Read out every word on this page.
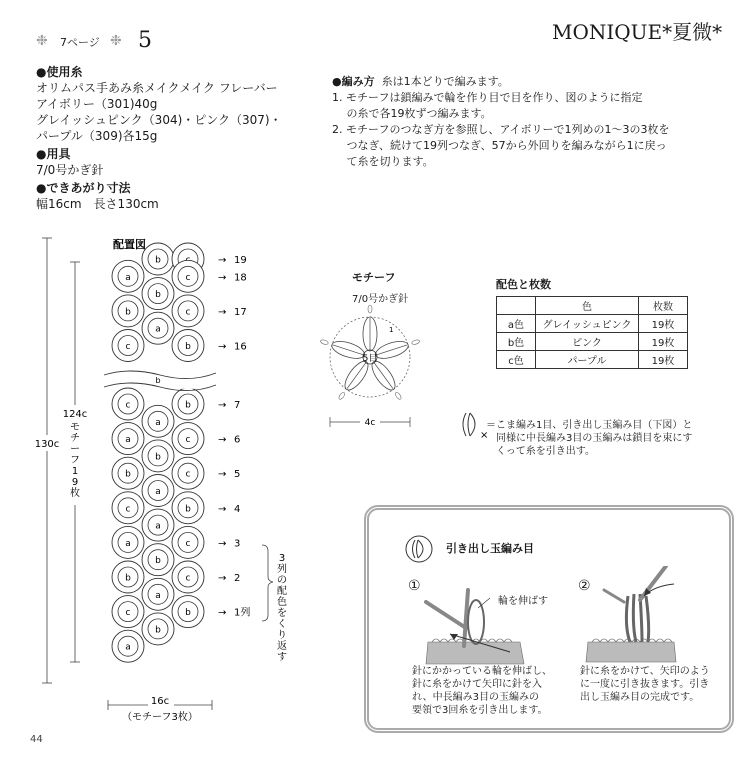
❉ 7ページ ❉ 5	MONIQUE*夏微*
●使用糸
オリムパス手あみ糸メイクメイク フレーバー
アイボリー（301)40g
グレイッシュピンク（304)・ピンク（307)・
パープル（309)各15g
●用具
7/0号かぎ針
●できあがり寸法
幅16cm　長さ130cm
●編み方 糸は1本どりで編みます。
1. モチーフは鎖編みで輪を作り目で目を作り、図のように指定
　 の糸で各19枚ずつ編みます。
2. モチーフのつなぎ方を参照し、アイボリーで1列めの1〜3の3枚を
　 つなぎ、続けて19列つなぎ、57から外回りを編みながら1に戻っ
　 て糸を切ります。
配置図
b	→ 19
a	c	→ 18
b
b	c	→ 17
a
c	b	→ 16
c	b	→ 7
a
a	c	→ 6
b
b	c	→ 5
a
c	b	→ 4
a
a	c	→ 3
b
b	c	→ 2
a
c	b	→ 1列
b
a
b
130c
124c
モチーフ 1 9 枚
16c
（モチーフ3枚）
3 列の配色をくり返す
モチーフ
7/0号かぎ針
5目
1
4c
配色と枚数
	色	枚数
a色	グレイッシュピンク	19枚
b色	ピンク	19枚
c色	パープル	19枚
×
＝こま編み1目、引き出し玉編み目（下図）と
　同様に中長編み3目の玉編みは鎖目を束にす
　くって糸を引き出す。
引き出し玉編み目
①	②
輪を伸ばす
針にかかっている輪を伸ばし、
針に糸をかけて矢印に針を入
れ、中長編み3目の玉編みの
要領で3回糸を引き出します。
針に糸をかけて、矢印のよう
に一度に引き抜きます。引き
出し玉編み目の完成です。
44
